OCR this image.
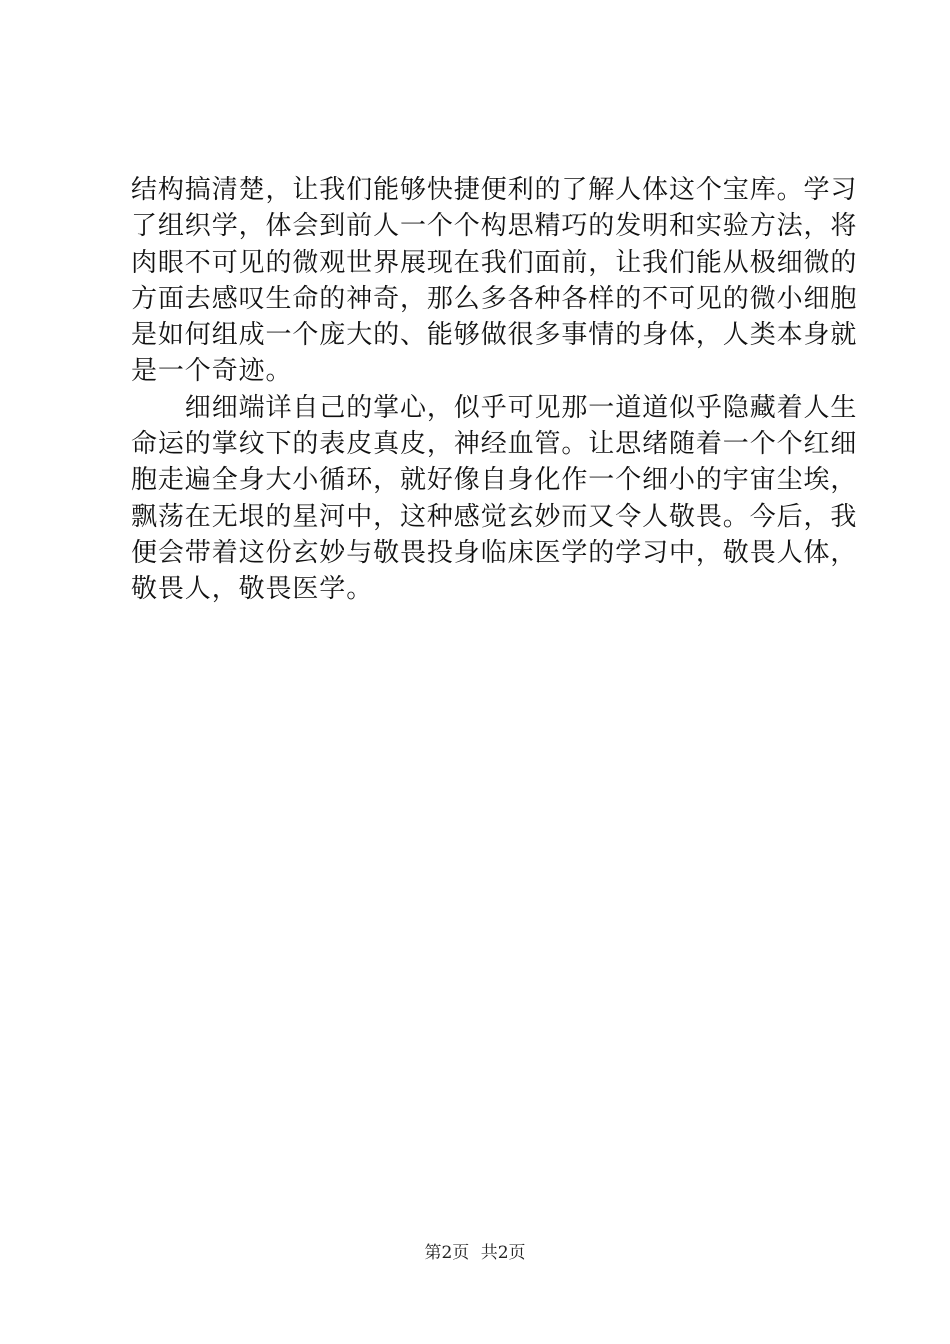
结构搞清楚，让我们能够快捷便利的了解人体这个宝库。学习
了组织学，体会到前人一个个构思精巧的发明和实验方法，将
肉眼不可见的微观世界展现在我们面前，让我们能从极细微的
方面去感叹生命的神奇，那么多各种各样的不可见的微小细胞
是如何组成一个庞大的、能够做很多事情的身体，人类本身就
是一个奇迹。
　　细细端详自己的掌心，似乎可见那一道道似乎隐藏着人生
命运的掌纹下的表皮真皮，神经血管。让思绪随着一个个红细
胞走遍全身大小循环，就好像自身化作一个细小的宇宙尘埃，
飘荡在无垠的星河中，这种感觉玄妙而又令人敬畏。今后，我
便会带着这份玄妙与敬畏投身临床医学的学习中，敬畏人体，
敬畏人，敬畏医学。
第2页 共2页
